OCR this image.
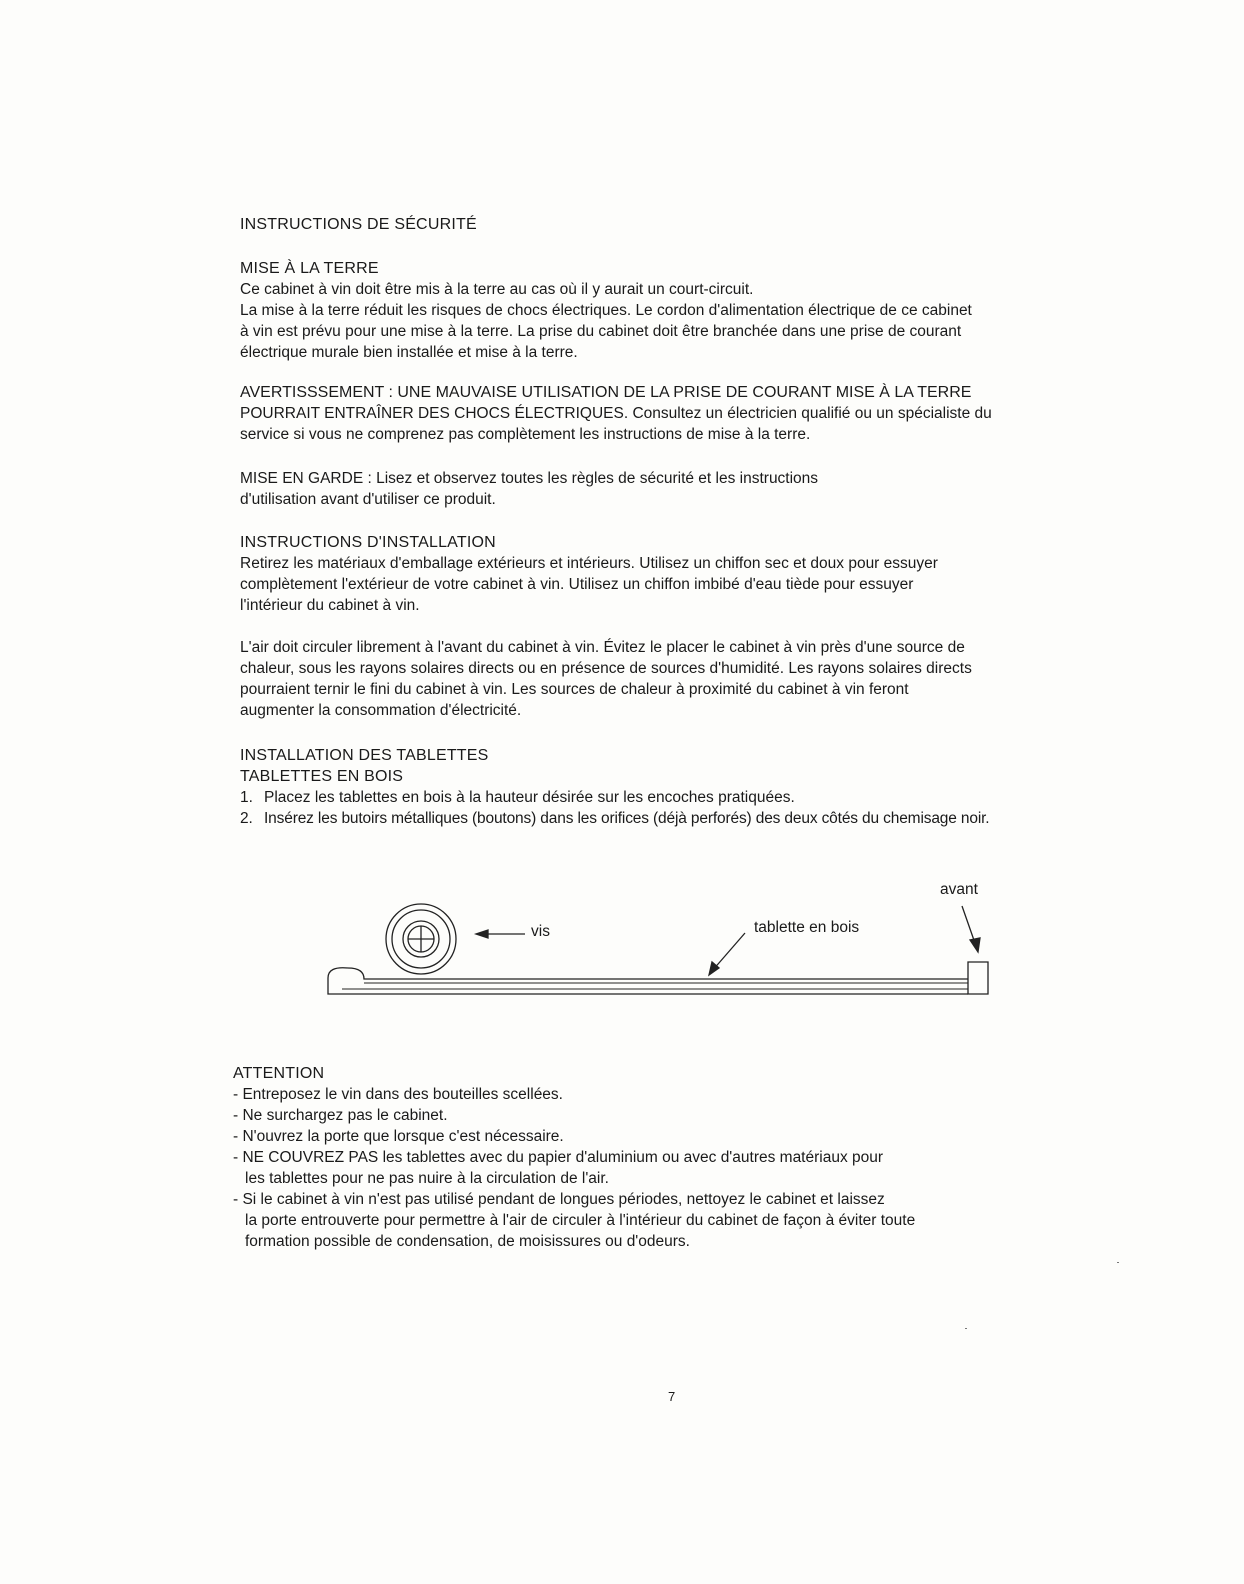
INSTRUCTIONS DE SÉCURITÉ
MISE À LA TERRE
Ce cabinet à vin doit être mis à la terre au cas où il y aurait un court-circuit.
La mise à la terre réduit les risques de chocs électriques. Le cordon d'alimentation électrique de ce cabinet
à vin est prévu pour une mise à la terre. La prise du cabinet doit être branchée dans une prise de courant
électrique murale bien installée et mise à la terre.
AVERTISSSEMENT : UNE MAUVAISE UTILISATION DE LA PRISE DE COURANT MISE À LA TERRE
POURRAIT ENTRAÎNER DES CHOCS ÉLECTRIQUES. Consultez un électricien qualifié ou un spécialiste du
service si vous ne comprenez pas complètement les instructions de mise à la terre.
MISE EN GARDE : Lisez et observez toutes les règles de sécurité et les instructions
d'utilisation avant d'utiliser ce produit.
INSTRUCTIONS D'INSTALLATION
Retirez les matériaux d'emballage extérieurs et intérieurs. Utilisez un chiffon sec et doux pour essuyer
complètement l'extérieur de votre cabinet à vin. Utilisez un chiffon imbibé d'eau tiède pour essuyer
l'intérieur du cabinet à vin.
L'air doit circuler librement à l'avant du cabinet à vin. Évitez le placer le cabinet à vin près d'une source de
chaleur, sous les rayons solaires directs ou en présence de sources d'humidité. Les rayons solaires directs
pourraient ternir le fini du cabinet à vin. Les sources de chaleur à proximité du cabinet à vin feront
augmenter la consommation d'électricité.
INSTALLATION DES TABLETTES
TABLETTES EN BOIS
1. Placez les tablettes en bois à la hauteur désirée sur les encoches pratiquées.
2. Insérez les butoirs métalliques (boutons) dans les orifices (déjà perforés) des deux côtés du chemisage noir.
vis	tablette en bois
avant
ATTENTION
- Entreposez le vin dans des bouteilles scellées.
- Ne surchargez pas le cabinet.
- N'ouvrez la porte que lorsque c'est nécessaire.
- NE COUVREZ PAS les tablettes avec du papier d'aluminium ou avec d'autres matériaux pour
les tablettes pour ne pas nuire à la circulation de l'air.
- Si le cabinet à vin n'est pas utilisé pendant de longues périodes, nettoyez le cabinet et laissez
la porte entrouverte pour permettre à l'air de circuler à l'intérieur du cabinet de façon à éviter toute
formation possible de condensation, de moisissures ou d'odeurs.
7
